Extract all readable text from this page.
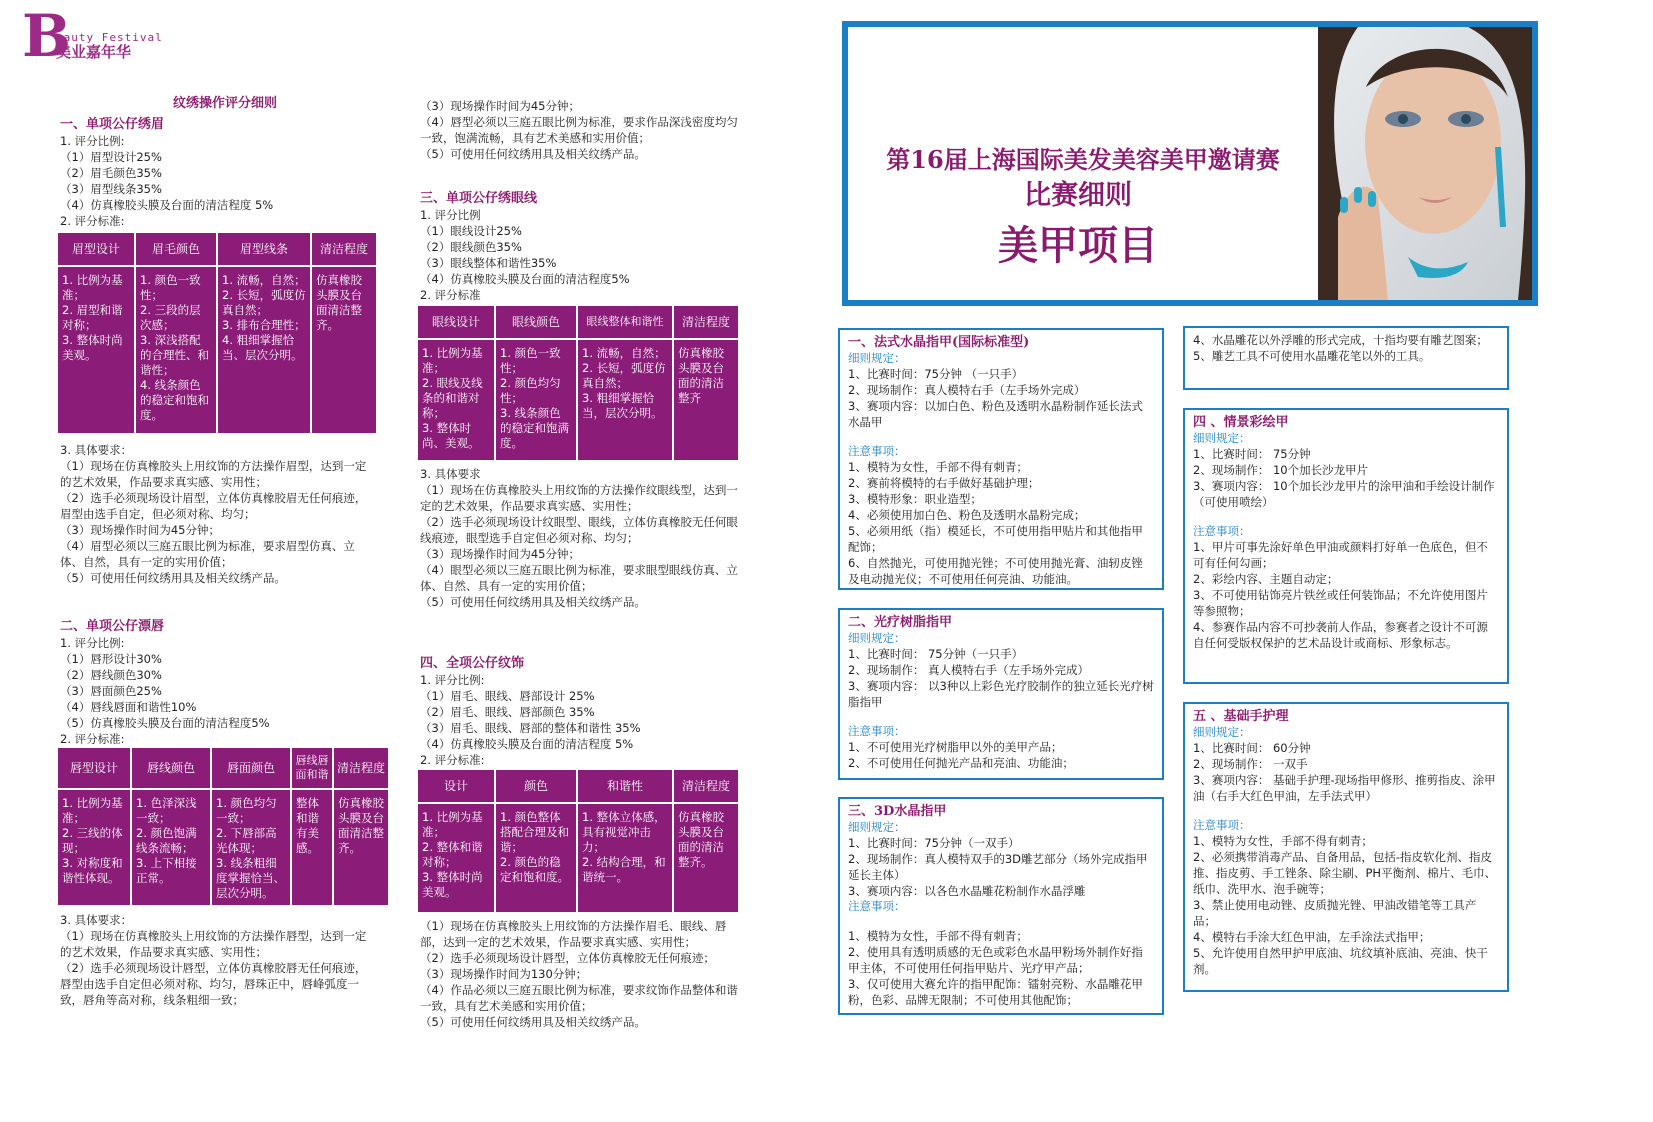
B
eauty Festival
美业嘉年华
纹绣操作评分细则
一、单项公仔绣眉
1. 评分比例:
（1）眉型设计25%
（2）眉毛颜色35%
（3）眉型线条35%
（4）仿真橡胶头膜及台面的清洁程度 5%
2. 评分标准:
眉型设计	眉毛颜色	眉型线条	清洁程度
1. 比例为基准；
2. 眉型和谐对称；
3. 整体时尚美观。	1. 颜色一致性；
2. 三段的层次感；
3. 深浅搭配的合理性、和谐性；
4. 线条颜色的稳定和饱和度。	1. 流畅，自然；
2. 长短，弧度仿真自然；
3. 排布合理性；
4. 粗细掌握恰当、层次分明。	仿真橡胶头膜及台面清洁整齐。
3. 具体要求：
（1）现场在仿真橡胶头上用纹饰的方法操作眉型，达到一定的艺术效果，作品要求真实感、实用性；
（2）选手必须现场设计眉型，立体仿真橡胶眉无任何痕迹，眉型由选手自定，但必须对称、均匀；
（3）现场操作时间为45分钟；
（4）眉型必须以三庭五眼比例为标准，要求眉型仿真、立体、自然，具有一定的实用价值；
（5）可使用任何纹绣用具及相关纹绣产品。
二、单项公仔漂唇
1. 评分比例:
（1）唇形设计30%
（2）唇线颜色30%
（3）唇面颜色25%
（4）唇线唇面和谐性10%
（5）仿真橡胶头膜及台面的清洁程度5%
2. 评分标准:
唇型设计	唇线颜色	唇面颜色	唇线唇面和谐	清洁程度
1. 比例为基准；
2. 三线的体现；
3. 对称度和谐性体现。	1. 色泽深浅一致；
2. 颜色饱满线条流畅；
3. 上下相接正常。	1. 颜色均匀一致；
2. 下唇部高光体现；
3. 线条粗细度掌握恰当、层次分明。	整体和谐有美感。	仿真橡胶头膜及台面清洁整齐。
3. 具体要求：
（1）现场在仿真橡胶头上用纹饰的方法操作唇型，达到一定的艺术效果，作品要求真实感、实用性；
（2）选手必须现场设计唇型，立体仿真橡胶唇无任何痕迹，唇型由选手自定但必须对称、均匀，唇珠正中，唇峰弧度一致，唇角等高对称，线条粗细一致；
（3）现场操作时间为45分钟；
（4）唇型必须以三庭五眼比例为标准，要求作品深浅密度均匀一致，饱满流畅，具有艺术美感和实用价值；
（5）可使用任何纹绣用具及相关纹绣产品。
三、单项公仔绣眼线
1. 评分比例
（1）眼线设计25%
（2）眼线颜色35%
（3）眼线整体和谐性35%
（4）仿真橡胶头膜及台面的清洁程度5%
2. 评分标准
眼线设计	眼线颜色	眼线整体和谐性	清洁程度
1. 比例为基准；
2. 眼线及线条的和谐对称；
3. 整体时尚、美观。	1. 颜色一致性；
2. 颜色均匀性；
3. 线条颜色的稳定和饱满度。	1. 流畅，自然；
2. 长短，弧度仿真自然；
3. 粗细掌握恰当，层次分明。	仿真橡胶头膜及台面的清洁整齐
3. 具体要求
（1）现场在仿真橡胶头上用纹饰的方法操作纹眼线型，达到一定的艺术效果，作品要求真实感、实用性；
（2）选手必须现场设计纹眼型、眼线，立体仿真橡胶无任何眼线痕迹，眼型选手自定但必须对称、均匀；
（3）现场操作时间为45分钟；
（4）眼型必须以三庭五眼比例为标准，要求眼型眼线仿真、立体、自然、具有一定的实用价值；
（5）可使用任何纹绣用具及相关纹绣产品。
四、全项公仔纹饰
1. 评分比例:
（1）眉毛、眼线、唇部设计 25%
（2）眉毛、眼线、唇部颜色 35%
（3）眉毛、眼线、唇部的整体和谐性 35%
（4）仿真橡胶头膜及台面的清洁程度 5%
2. 评分标准:
设计	颜色	和谐性	清洁程度
1. 比例为基准；
2. 整体和谐对称；
3. 整体时尚美观。	1. 颜色整体搭配合理及和谐；
2. 颜色的稳定和饱和度。	1. 整体立体感，具有视觉冲击力；
2. 结构合理，和谐统一。	仿真橡胶头膜及台面的清洁整齐。
（1）现场在仿真橡胶头上用纹饰的方法操作眉毛、眼线、唇部，达到一定的艺术效果，作品要求真实感、实用性；
（2）选手必须现场设计唇型，立体仿真橡胶无任何痕迹；
（3）现场操作时间为130分钟；
（4）作品必须以三庭五眼比例为标准，要求纹饰作品整体和谐一致，具有艺术美感和实用价值；
（5）可使用任何纹绣用具及相关纹绣产品。
第16届上海国际美发美容美甲邀请赛
比赛细则
美甲项目
一、法式水晶指甲(国际标准型)
细则规定：
1、比赛时间：75分钟 （一只手）
2、现场制作：真人模特右手（左手场外完成）
3、赛项内容：以加白色、粉色及透明水晶粉制作延长法式水晶甲
注意事项：
1、模特为女性，手部不得有刺青；
2、赛前将模特的右手做好基础护理；
3、模特形象：职业造型；
4、必须使用加白色、粉色及透明水晶粉完成；
5、必须用纸（指）模延长，不可使用指甲贴片和其他指甲配饰；
6、自然抛光，可使用抛光锉；不可使用抛光膏、油轫皮锉及电动抛光仪；不可使用任何亮油、功能油。
二、光疗树脂指甲
细则规定：
1、比赛时间： 75分钟（一只手）
2、现场制作： 真人模特右手（左手场外完成）
3、赛项内容： 以3种以上彩色光疗胶制作的独立延长光疗树脂指甲
注意事项：
1、不可使用光疗树脂甲以外的美甲产品；
2、不可使用任何抛光产品和亮油、功能油；
三、3D水晶指甲
细则规定：
1、比赛时间：75分钟（一双手）
2、现场制作：真人模特双手的3D雕艺部分（场外完成指甲延长主体）
3、赛项内容：以各色水晶雕花粉制作水晶浮雕
注意事项：
1、模特为女性，手部不得有刺青；
2、使用具有透明质感的无色或彩色水晶甲粉场外制作好指甲主体，不可使用任何指甲贴片、光疗甲产品；
3、仅可使用大赛允许的指甲配饰：镭射亮粉、水晶雕花甲粉，色彩、品牌无限制；不可使用其他配饰；
4、水晶雕花以外浮雕的形式完成，十指均要有雕艺图案；
5、雕艺工具不可使用水晶雕花笔以外的工具。
四 、情景彩绘甲
细则规定：
1、比赛时间： 75分钟
2、现场制作： 10个加长沙龙甲片
3、赛项内容： 10个加长沙龙甲片的涂甲油和手绘设计制作（可使用喷绘）
注意事项：
1、甲片可事先涂好单色甲油或颜料打好单一色底色，但不可有任何勾画；
2、彩绘内容、主题自动定；
3、不可使用钻饰亮片铁丝或任何装饰品；不允许使用图片等参照物；
4、参赛作品内容不可抄袭前人作品，参赛者之设计不可源自任何受版权保护的艺术品设计或商标、形象标志。
五 、基础手护理
细则规定：
1、比赛时间： 60分钟
2、现场制作： 一双手
3、赛项内容： 基础手护理-现场指甲修形、推剪指皮、涂甲油（右手大红色甲油，左手法式甲）
注意事项：
1、模特为女性，手部不得有刺青；
2、必须携带消毒产品、自备用品，包括-指皮软化剂、指皮推、指皮剪、手工锉条、除尘刷、PH平衡剂、棉片、毛巾、纸巾、洗甲水、泡手碗等；
3、禁止使用电动锉、皮质抛光锉、甲油改错笔等工具产品；
4、模特右手涂大红色甲油，左手涂法式指甲；
5、允许使用自然甲护甲底油、坑纹填补底油、亮油、快干剂。
